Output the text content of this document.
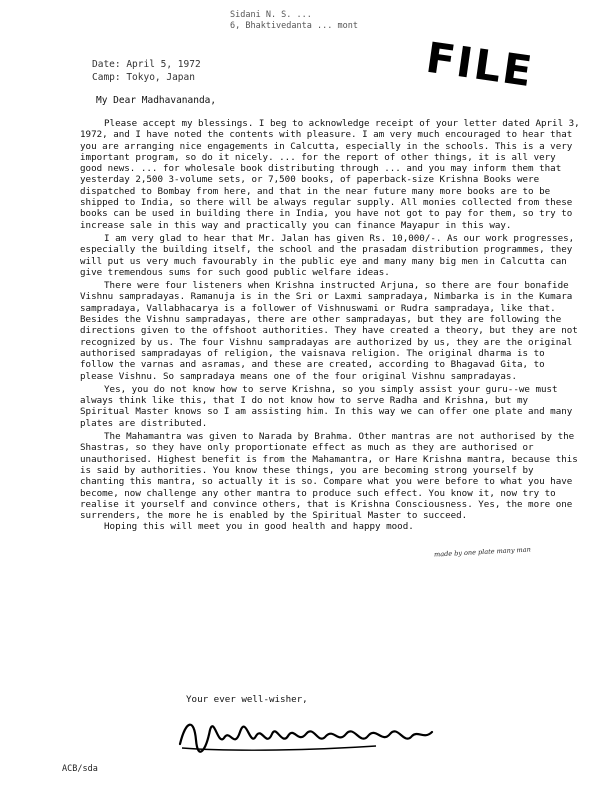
Sidani N. S. ...
6, Bhaktivedanta ... mont
Date: April 5, 1972
Camp: Tokyo, Japan	FILE
My Dear Madhavananda,

Please accept my blessings. I beg to acknowledge receipt of your letter dated April 3, 1972, and I have noted the contents with pleasure. I am very much encouraged to hear that you are arranging nice engagements in Calcutta, especially in the schools. This is a very important program, so do it nicely. ... for the report of other things, it is all very good news. ... for wholesale book distributing through ... and you may inform them that yesterday 2,500 3-volume sets, or 7,500 books, of paperback-size Krishna Books were dispatched to Bombay from here, and that in the near future many more books are to be shipped to India, so there will be always regular supply. All monies collected from these books can be used in building there in India, you have not got to pay for them, so try to increase sale in this way and practically you can finance Mayapur in this way.

I am very glad to hear that Mr. Jalan has given Rs. 10,000/-. As our work progresses, especially the building itself, the school and the prasadam distribution programmes, they will put us very much favourably in the public eye and many many big men in Calcutta can give tremendous sums for such good public welfare ideas.

There were four listeners when Krishna instructed Arjuna, so there are four bonafide Vishnu sampradayas. Ramanuja is in the Sri or Laxmi sampradaya, Nimbarka is in the Kumara sampradaya, Vallabhacarya is a follower of Vishnuswami or Rudra sampradaya, like that. Besides the Vishnu sampradayas, there are other sampradayas, but they are following the directions given to the offshoot authorities. They have created a theory, but they are not recognized by us. The four Vishnu sampradayas are authorized by us, they are the original authorised sampradayas of religion, the vaisnava religion. The original dharma is to follow the varnas and asramas, and these are created, according to Bhagavad Gita, to please Vishnu. So sampradaya means one of the four original Vishnu sampradayas.

Yes, you do not know how to serve Krishna, so you simply assist your guru--we must always think like this, that I do not know how to serve Radha and Krishna, but my Spiritual Master knows so I am assisting him. In this way we can offer one plate and many plates are distributed.

The Mahamantra was given to Narada by Brahma. Other mantras are not authorised by the Shastras, so they have only proportionate effect as much as they are authorised or unauthorised. Highest benefit is from the Mahamantra, or Hare Krishna mantra, because this is said by authorities. You know these things, you are becoming strong yourself by chanting this mantra, so actually it is so. Compare what you were before to what you have become, now challenge any other mantra to produce such effect. You know it, now try to realise it yourself and convince others, that is Krishna Consciousness. Yes, the more one surrenders, the more he is enabled by the Spiritual Master to succeed.

Hoping this will meet you in good health and happy mood.

made by one plate many man
Your ever well-wisher,
ACB/sda
